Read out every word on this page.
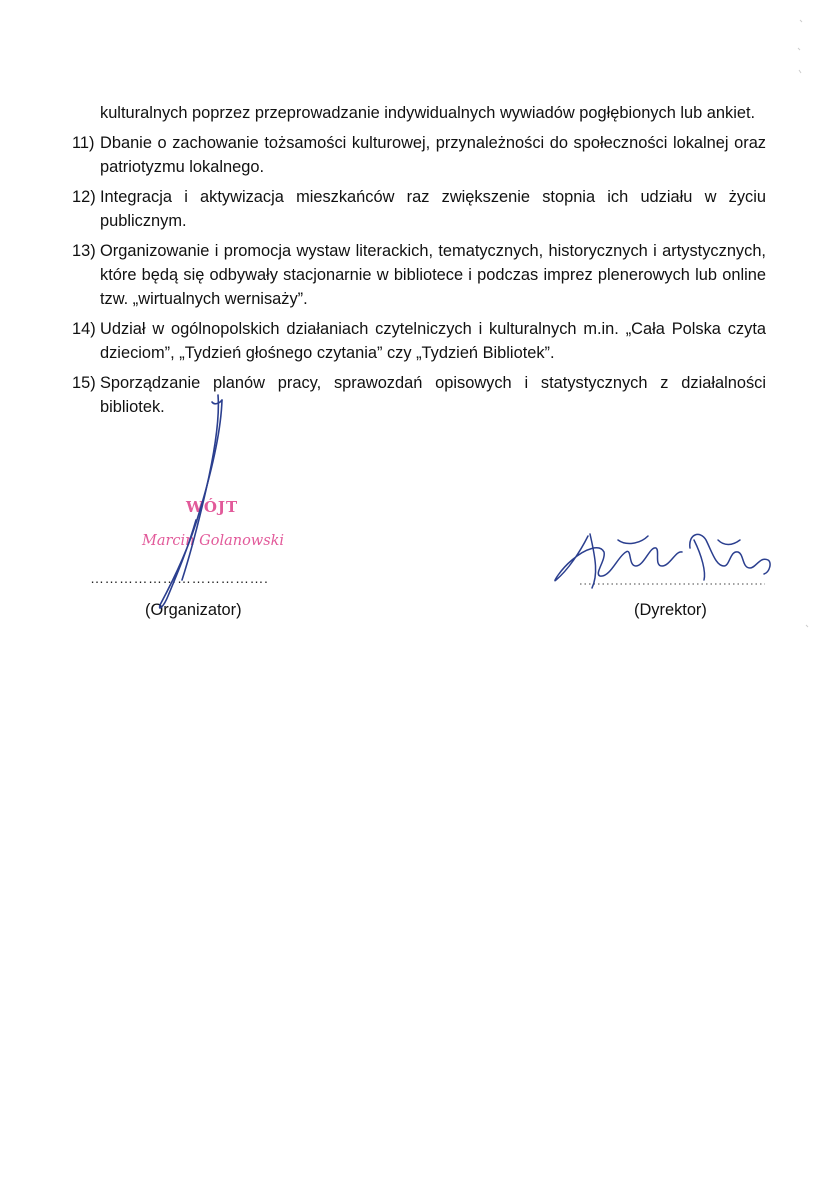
kulturalnych poprzez przeprowadzanie indywidualnych wywiadów pogłębionych lub ankiet.
11) Dbanie o zachowanie tożsamości kulturowej, przynależności do społeczności lokalnej oraz patriotyzmu lokalnego.
12) Integracja i aktywizacja mieszkańców raz zwiększenie stopnia ich udziału w życiu publicznym.
13) Organizowanie i promocja wystaw literackich, tematycznych, historycznych i artystycznych, które będą się odbywały stacjonarnie w bibliotece i podczas imprez plenerowych lub online tzw. „wirtualnych wernisaży”.
14) Udział w ogólnopolskich działaniach czytelniczych i kulturalnych m.in. „Cała Polska czyta dzieciom”, „Tydzień głośnego czytania” czy „Tydzień Bibliotek”.
15) Sporządzanie planów pracy, sprawozdań opisowych i statystycznych z działalności bibliotek.
WÓJT
Marcin Golanowski
……………………………….
(Organizator)	(Dyrektor)
